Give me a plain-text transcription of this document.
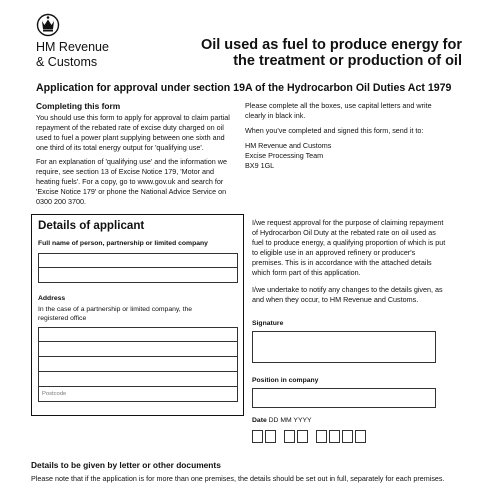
HM Revenue
& Customs
Oil used as fuel to produce energy for
the treatment or production of oil
Application for approval under section 19A of the Hydrocarbon Oil Duties Act 1979
Completing this form

You should use this form to apply for approval to claim partial repayment of the rebated rate of excise duty charged on oil used to fuel a power plant supplying between one sixth and one third of its total energy output for 'qualifying use'.

For an explanation of 'qualifying use' and the information we require, see section 13 of Excise Notice 179, 'Motor and heating fuels'. For a copy, go to www.gov.uk and search for 'Excise Notice 179' or phone the National Advice Service on 0300 200 3700.

Please complete all the boxes, use capital letters and write clearly in black ink.

When you've completed and signed this form, send it to:

HM Revenue and Customs
Excise Processing Team
BX9 1GL
Details of applicant
Full name of person, partnership or limited company
Address
In the case of a partnership or limited company, the registered office
Postcode
I/we request approval for the purpose of claiming repayment of Hydrocarbon Oil Duty at the rebated rate on oil used as fuel to produce energy, a qualifying proportion of which is put to eligible use in an approved refinery or producer's premises. This is in accordance with the attached details which form part of this application.
I/we undertake to notify any changes to the details given, as and when they occur, to HM Revenue and Customs.
Signature
Position in company
Date DD MM YYYY
Details to be given by letter or other documents
Please note that if the application is for more than one premises, the details should be set out in full, separately for each premises.
